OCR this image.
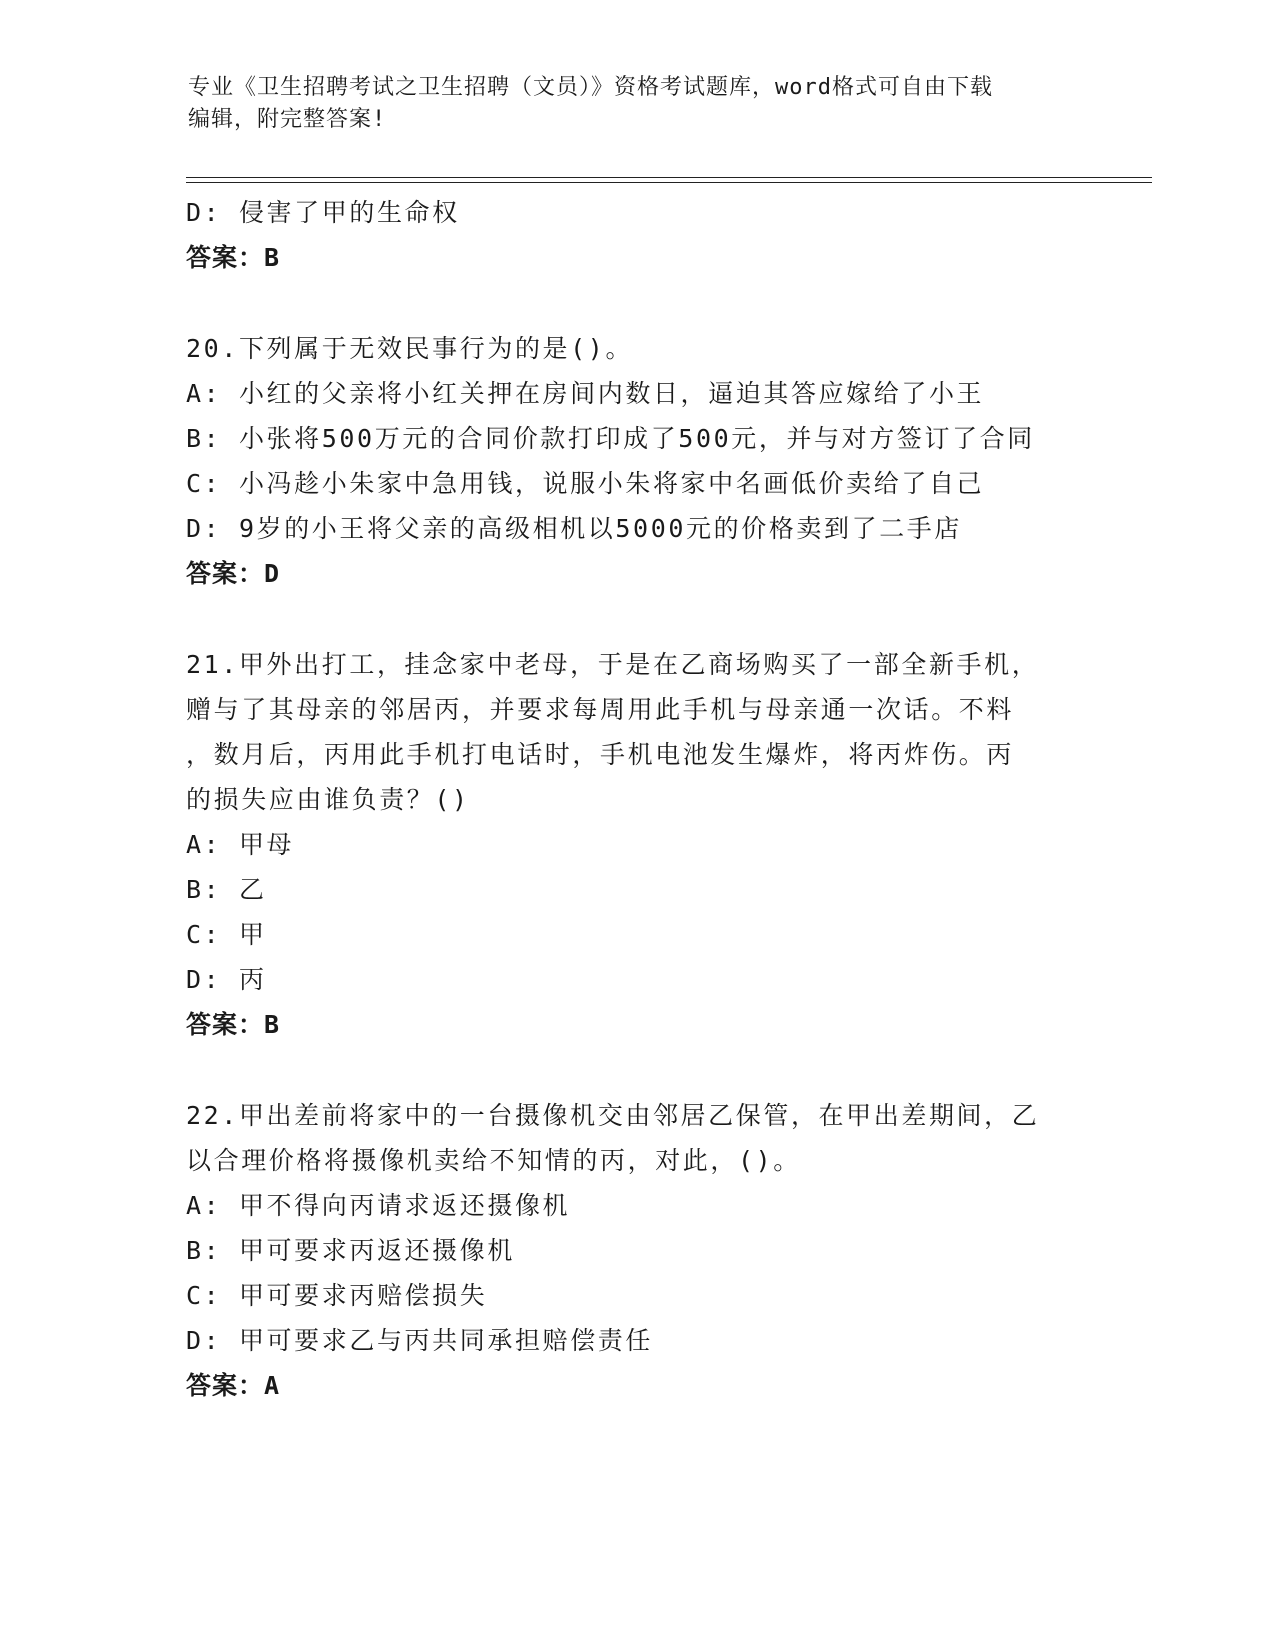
专业《卫生招聘考试之卫生招聘（文员）》资格考试题库，word格式可自由下载
编辑，附完整答案!
D: 侵害了甲的生命权
答案：B
20.下列属于无效民事行为的是()。
A: 小红的父亲将小红关押在房间内数日，逼迫其答应嫁给了小王
B: 小张将500万元的合同价款打印成了500元，并与对方签订了合同
C: 小冯趁小朱家中急用钱，说服小朱将家中名画低价卖给了自己
D: 9岁的小王将父亲的高级相机以5000元的价格卖到了二手店
答案：D
21.甲外出打工，挂念家中老母，于是在乙商场购买了一部全新手机，
赠与了其母亲的邻居丙，并要求每周用此手机与母亲通一次话。不料
，数月后，丙用此手机打电话时，手机电池发生爆炸，将丙炸伤。丙
的损失应由谁负责？()
A: 甲母
B: 乙
C: 甲
D: 丙
答案：B
22.甲出差前将家中的一台摄像机交由邻居乙保管，在甲出差期间，乙
以合理价格将摄像机卖给不知情的丙，对此，()。
A: 甲不得向丙请求返还摄像机
B: 甲可要求丙返还摄像机
C: 甲可要求丙赔偿损失
D: 甲可要求乙与丙共同承担赔偿责任
答案：A
